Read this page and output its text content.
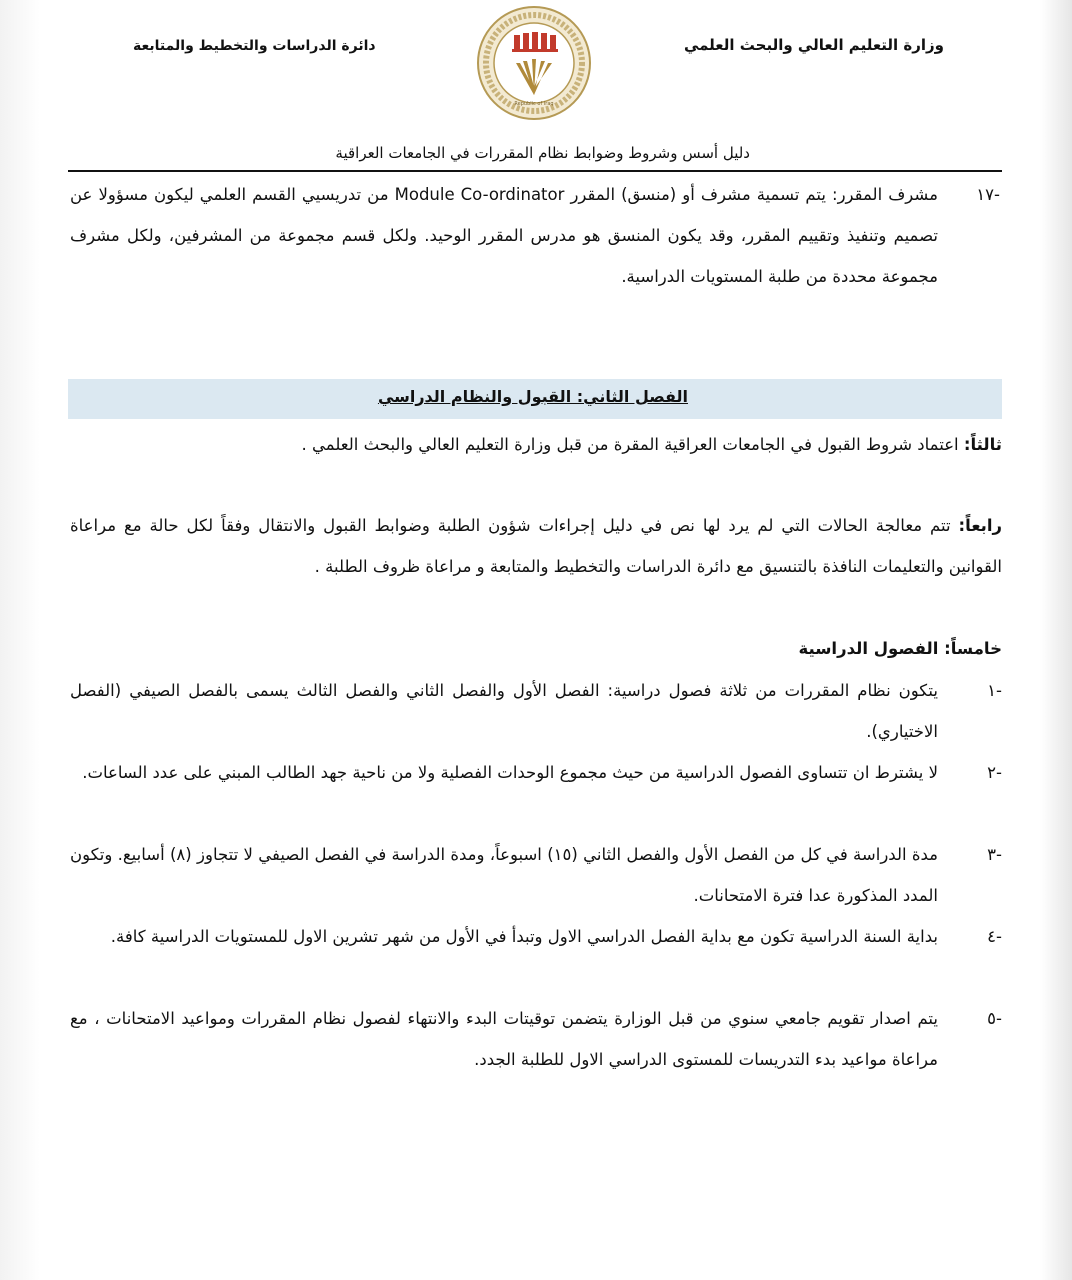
وزارة التعليم العالي والبحث العلمي
دائرة الدراسات والتخطيط والمتابعة
Republic of Iraq
دليل أسس وشروط وضوابط نظام المقررات في الجامعات العراقية
-١٧
مشرف المقرر: يتم تسمية مشرف أو (منسق) المقرر Module Co-ordinator من تدريسيي القسم العلمي ليكون مسؤولا عن تصميم وتنفيذ وتقييم المقرر، وقد يكون المنسق هو مدرس المقرر الوحيد. ولكل قسم مجموعة من المشرفين، ولكل مشرف مجموعة محددة من طلبة المستويات الدراسية.
الفصل الثاني: القبول والنظام الدراسي
ثالثاً: اعتماد شروط القبول في الجامعات العراقية المقرة من قبل وزارة التعليم العالي والبحث العلمي .
رابعاً: تتم معالجة الحالات التي لم يرد لها نص في دليل إجراءات شؤون الطلبة وضوابط القبول والانتقال وفقاً لكل حالة مع مراعاة القوانين والتعليمات النافذة بالتنسيق مع دائرة الدراسات والتخطيط والمتابعة و مراعاة ظروف الطلبة .
خامساً: الفصول الدراسية
-١
يتكون نظام المقررات من ثلاثة فصول دراسية: الفصل الأول والفصل الثاني والفصل الثالث يسمى بالفصل الصيفي (الفصل الاختياري).
-٢
لا يشترط ان تتساوى الفصول الدراسية من حيث مجموع الوحدات الفصلية ولا من ناحية جهد الطالب المبني على عدد الساعات.
-٣
مدة الدراسة في كل من الفصل الأول والفصل الثاني (١٥) اسبوعاً، ومدة الدراسة في الفصل الصيفي لا تتجاوز (٨) أسابيع. وتكون المدد المذكورة عدا فترة الامتحانات.
-٤
بداية السنة الدراسية تكون مع بداية الفصل الدراسي الاول وتبدأ في الأول من شهر تشرين الاول للمستويات الدراسية كافة.
-٥
يتم اصدار تقويم جامعي سنوي من قبل الوزارة يتضمن توقيتات البدء والانتهاء لفصول نظام المقررات ومواعيد الامتحانات ، مع مراعاة مواعيد بدء التدريسات للمستوى الدراسي الاول للطلبة الجدد.
